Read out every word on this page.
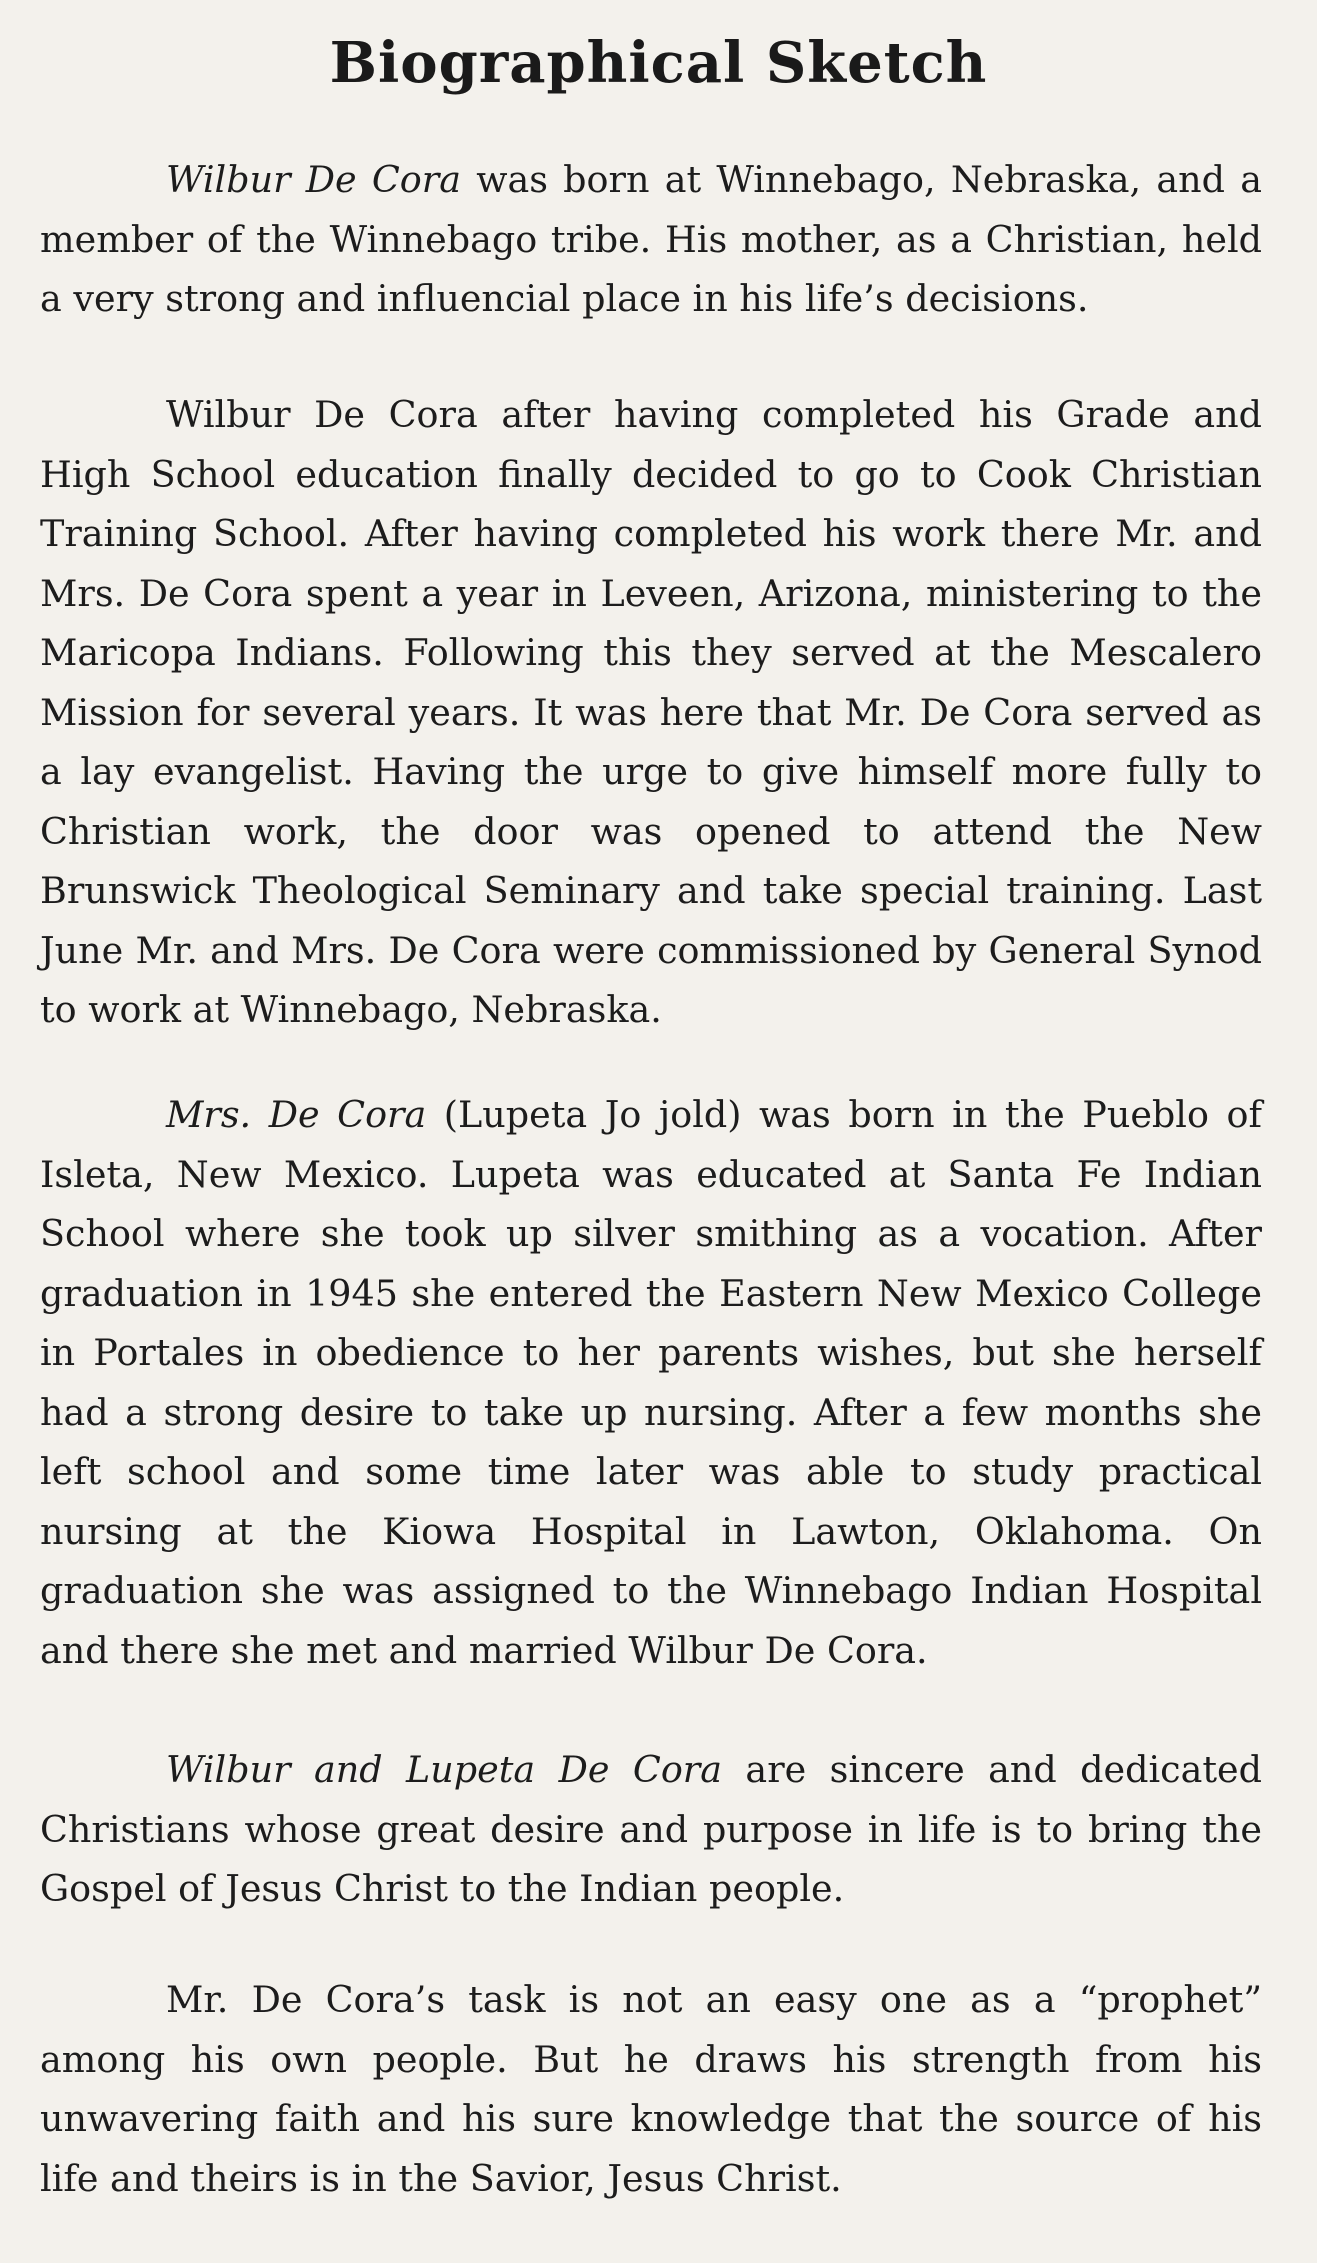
Biographical Sketch

Wilbur De Cora was born at Winnebago, Nebraska, and a member of the Winnebago tribe. His mother, as a Christian, held a very strong and influencial place in his life’s decisions.

Wilbur De Cora after having completed his Grade and High School education finally decided to go to Cook Christian Training School. After having completed his work there Mr. and Mrs. De Cora spent a year in Leveen, Arizona, ministering to the Maricopa Indians. Following this they served at the Mescalero Mission for several years. It was here that Mr. De Cora served as a lay evangelist. Having the urge to give himself more fully to Christian work, the door was opened to attend the New Brunswick Theological Seminary and take special training. Last June Mr. and Mrs. De Cora were commissioned by General Synod to work at Winnebago, Nebraska.

Mrs. De Cora (Lupeta Jo jold) was born in the Pueblo of Isleta, New Mexico. Lupeta was educated at Santa Fe Indian School where she took up silver smithing as a vocation. After graduation in 1945 she entered the Eastern New Mexico College in Portales in obedience to her parents wishes, but she herself had a strong desire to take up nursing. After a few months she left school and some time later was able to study practical nursing at the Kiowa Hospital in Lawton, Oklahoma. On graduation she was assigned to the Winnebago Indian Hospital and there she met and married Wilbur De Cora.

Wilbur and Lupeta De Cora are sincere and dedicated Christians whose great desire and purpose in life is to bring the Gospel of Jesus Christ to the Indian people.

Mr. De Cora’s task is not an easy one as a “prophet” among his own people. But he draws his strength from his unwavering faith and his sure knowledge that the source of his life and theirs is in the Savior, Jesus Christ.
